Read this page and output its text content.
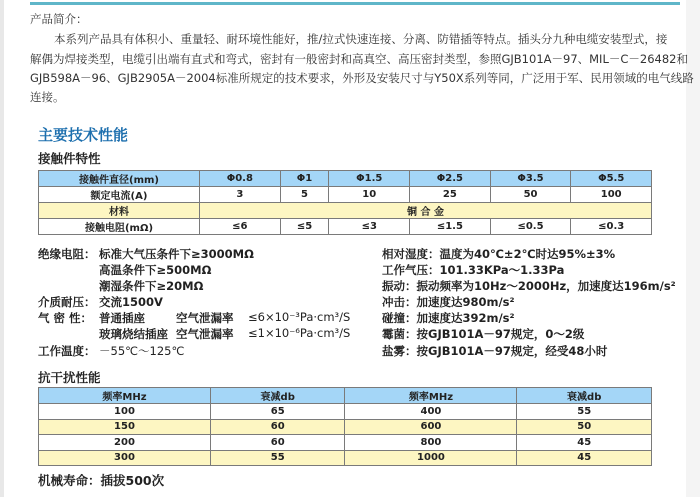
产品简介：
本系列产品具有体积小、重量轻、耐环境性能好，推/拉式快速连接、分离、防错插等特点。插头分九种电缆安装型式，接
解偶为焊接类型，电缆引出端有直式和弯式，密封有一般密封和高真空、高压密封类型，参照GJB101A－97、MIL－C－26482和
GJB598A－96、GJB2905A－2004标准所规定的技术要求，外形及安装尺寸与Y50X系列等同，广泛用于军、民用领域的电气线路
连接。
主要技术性能
接触件特性
接触件直径(mm)	Φ0.8	Φ1	Φ1.5	Φ2.5	Φ3.5	Φ5.5
额定电流(A)	3	5	10	25	50	100
材料	铜 合 金					
接触电阻(mΩ)	≤6	≤5	≤3	≤1.5	≤0.5	≤0.3
绝缘电阻： 标准大气压条件下≥3000MΩ
高温条件下≥500MΩ
潮湿条件下≥20MΩ
介质耐压： 交流1500V
气 密 性： 普通插座	空气泄漏率 ≤6×10⁻³Pa·cm³/S
玻璃烧结插座 空气泄漏率 ≤1×10⁻⁶Pa·cm³/S
工作温度： －55℃～125℃
相对湿度：温度为40℃±2℃时达95%±3%
工作气压：101.33KPa～1.33Pa
振动：振动频率为10Hz～2000Hz，加速度达196m/s²
冲击：加速度达980m/s²
碰撞：加速度达392m/s²
霉菌：按GJB101A－97规定，0～2级
盐雾：按GJB101A－97规定，经受48小时
抗干扰性能
频率MHz	衰减db	频率MHz	衰减db
100	65	400	55
150	60	600	50
200	60	800	45
300	55	1000	45
机械寿命：插拔500次
